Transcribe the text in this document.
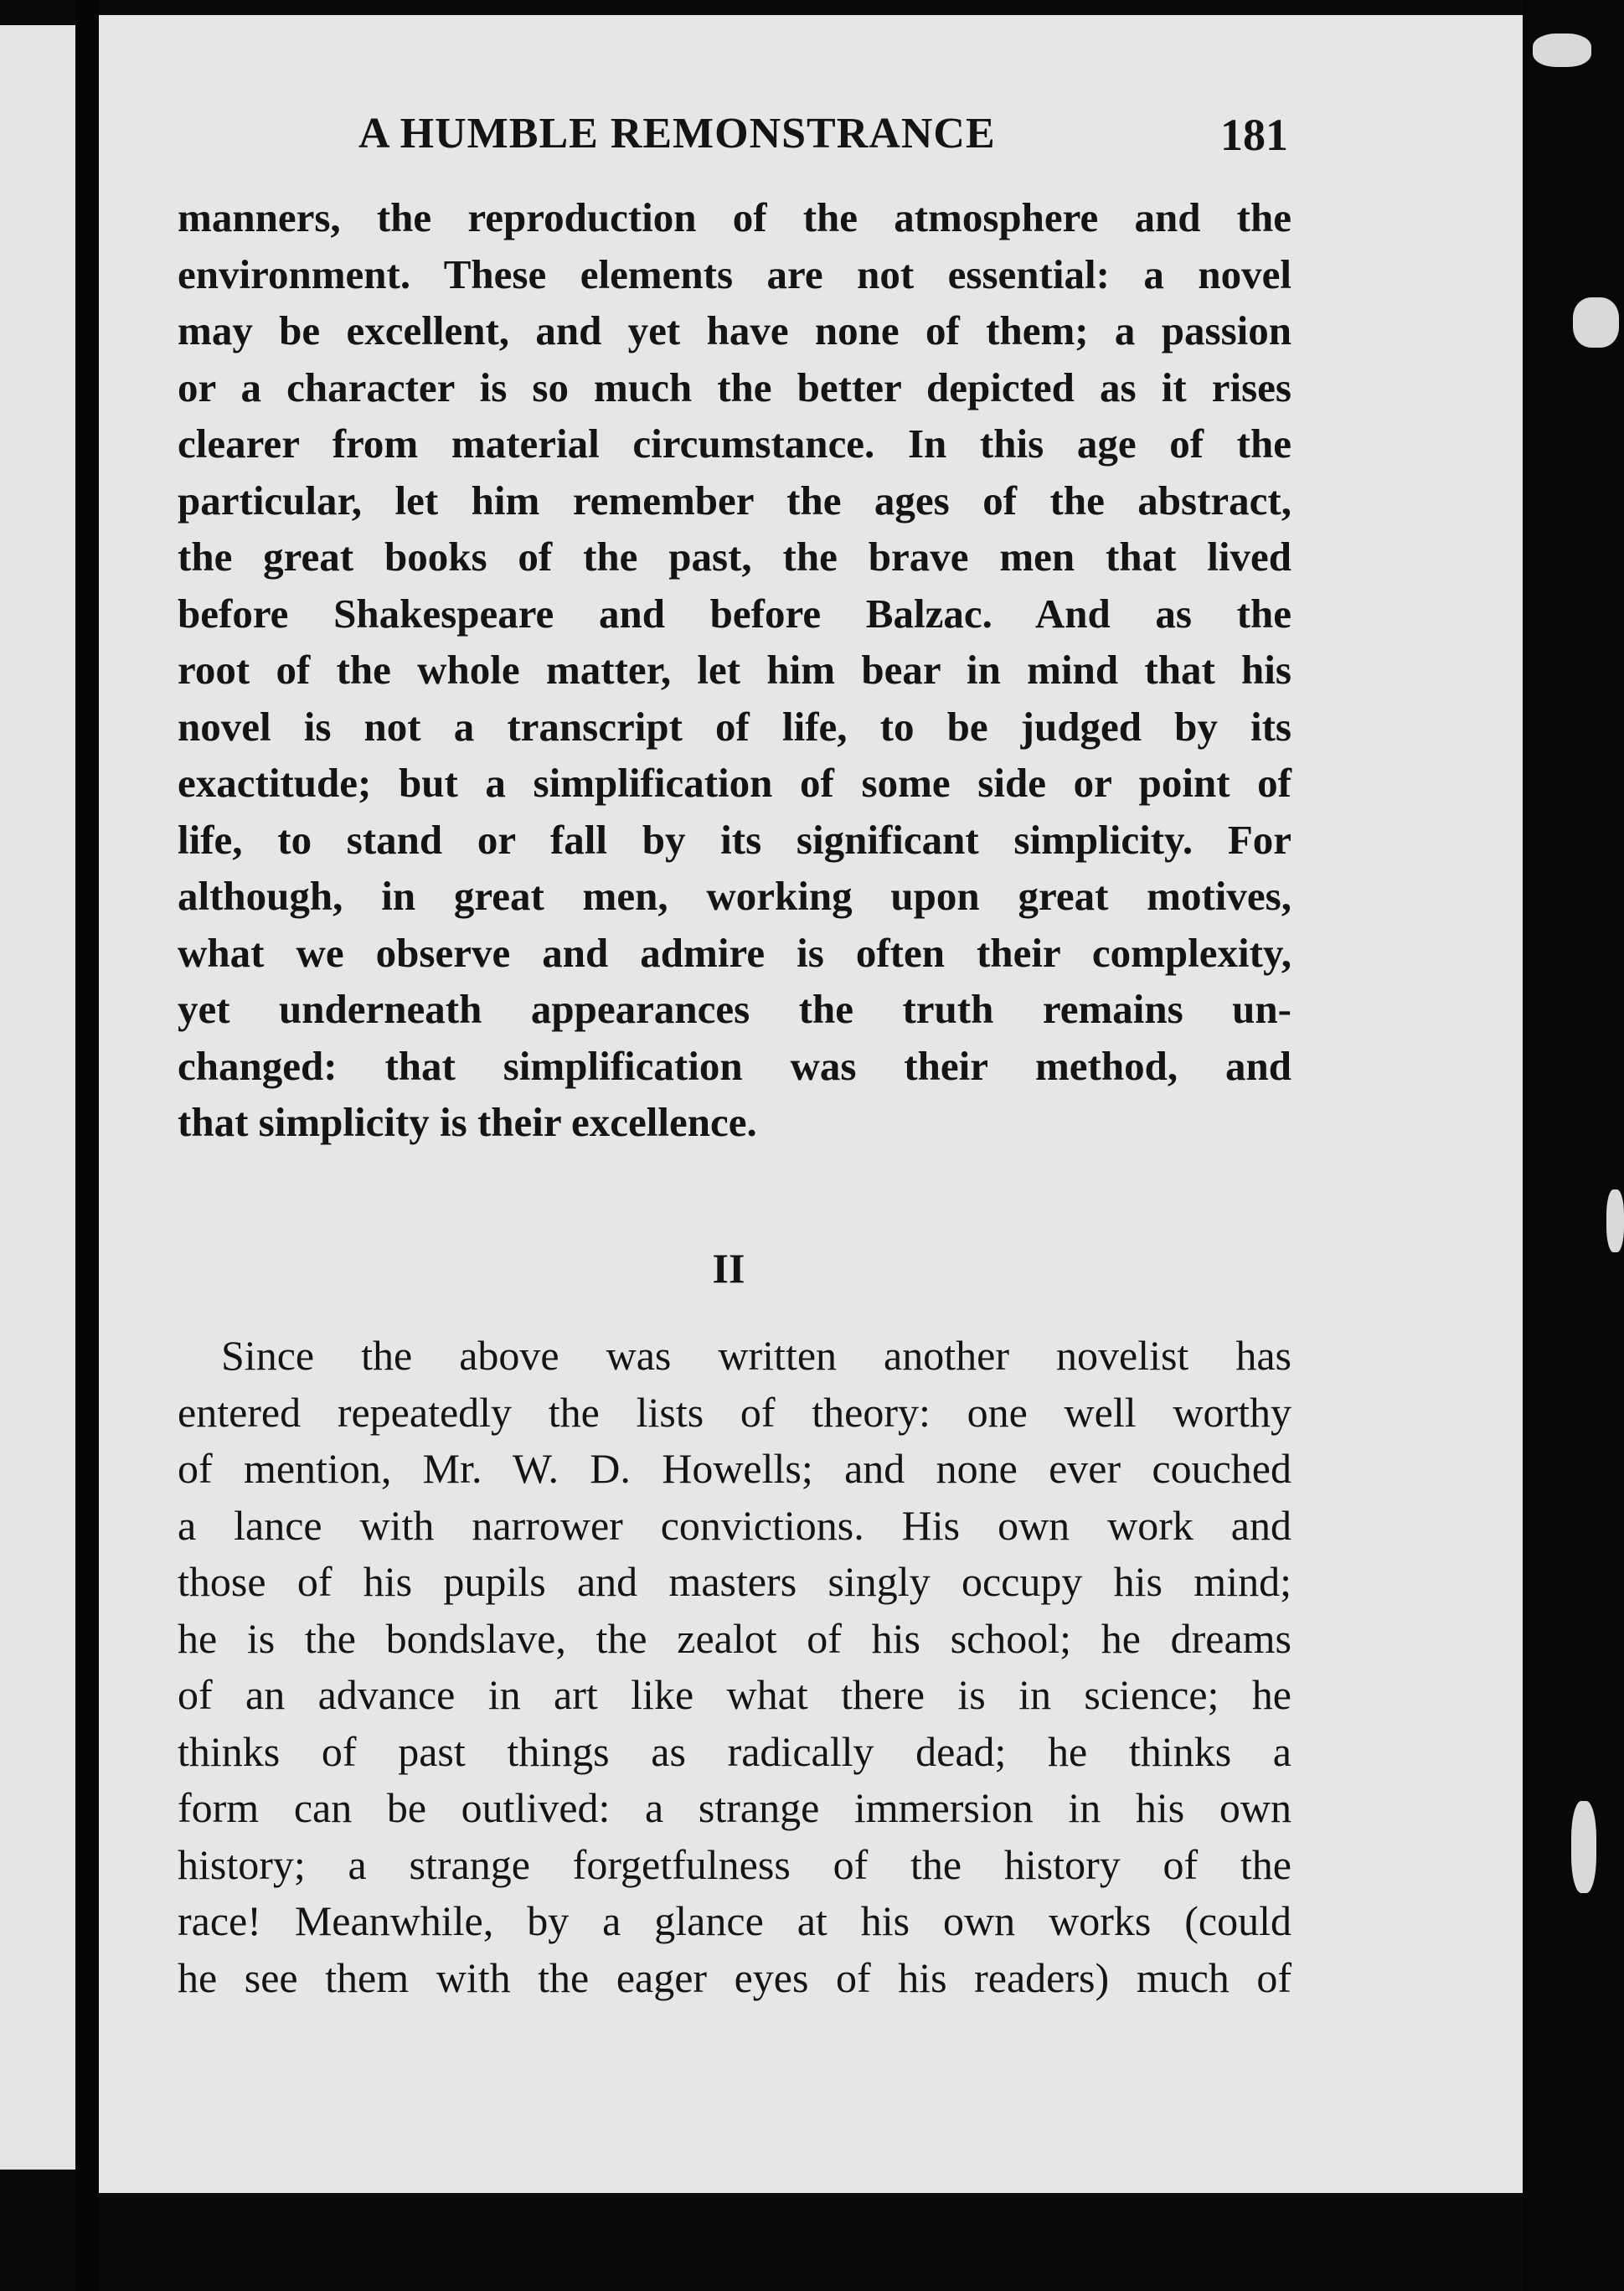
A HUMBLE REMONSTRANCE	181
manners, the reproduction of the atmosphere and the
environment. These elements are not essential: a novel
may be excellent, and yet have none of them; a passion
or a character is so much the better depicted as it rises
clearer from material circumstance. In this age of the
particular, let him remember the ages of the abstract,
the great books of the past, the brave men that lived
before Shakespeare and before Balzac. And as the
root of the whole matter, let him bear in mind that his
novel is not a transcript of life, to be judged by its
exactitude; but a simplification of some side or point of
life, to stand or fall by its significant simplicity. For
although, in great men, working upon great motives,
what we observe and admire is often their complexity,
yet underneath appearances the truth remains un-
changed: that simplification was their method, and
that simplicity is their excellence.
II
Since the above was written another novelist has
entered repeatedly the lists of theory: one well worthy
of mention, Mr. W. D. Howells; and none ever couched
a lance with narrower convictions. His own work and
those of his pupils and masters singly occupy his mind;
he is the bondslave, the zealot of his school; he dreams
of an advance in art like what there is in science; he
thinks of past things as radically dead; he thinks a
form can be outlived: a strange immersion in his own
history; a strange forgetfulness of the history of the
race! Meanwhile, by a glance at his own works (could
he see them with the eager eyes of his readers) much of
